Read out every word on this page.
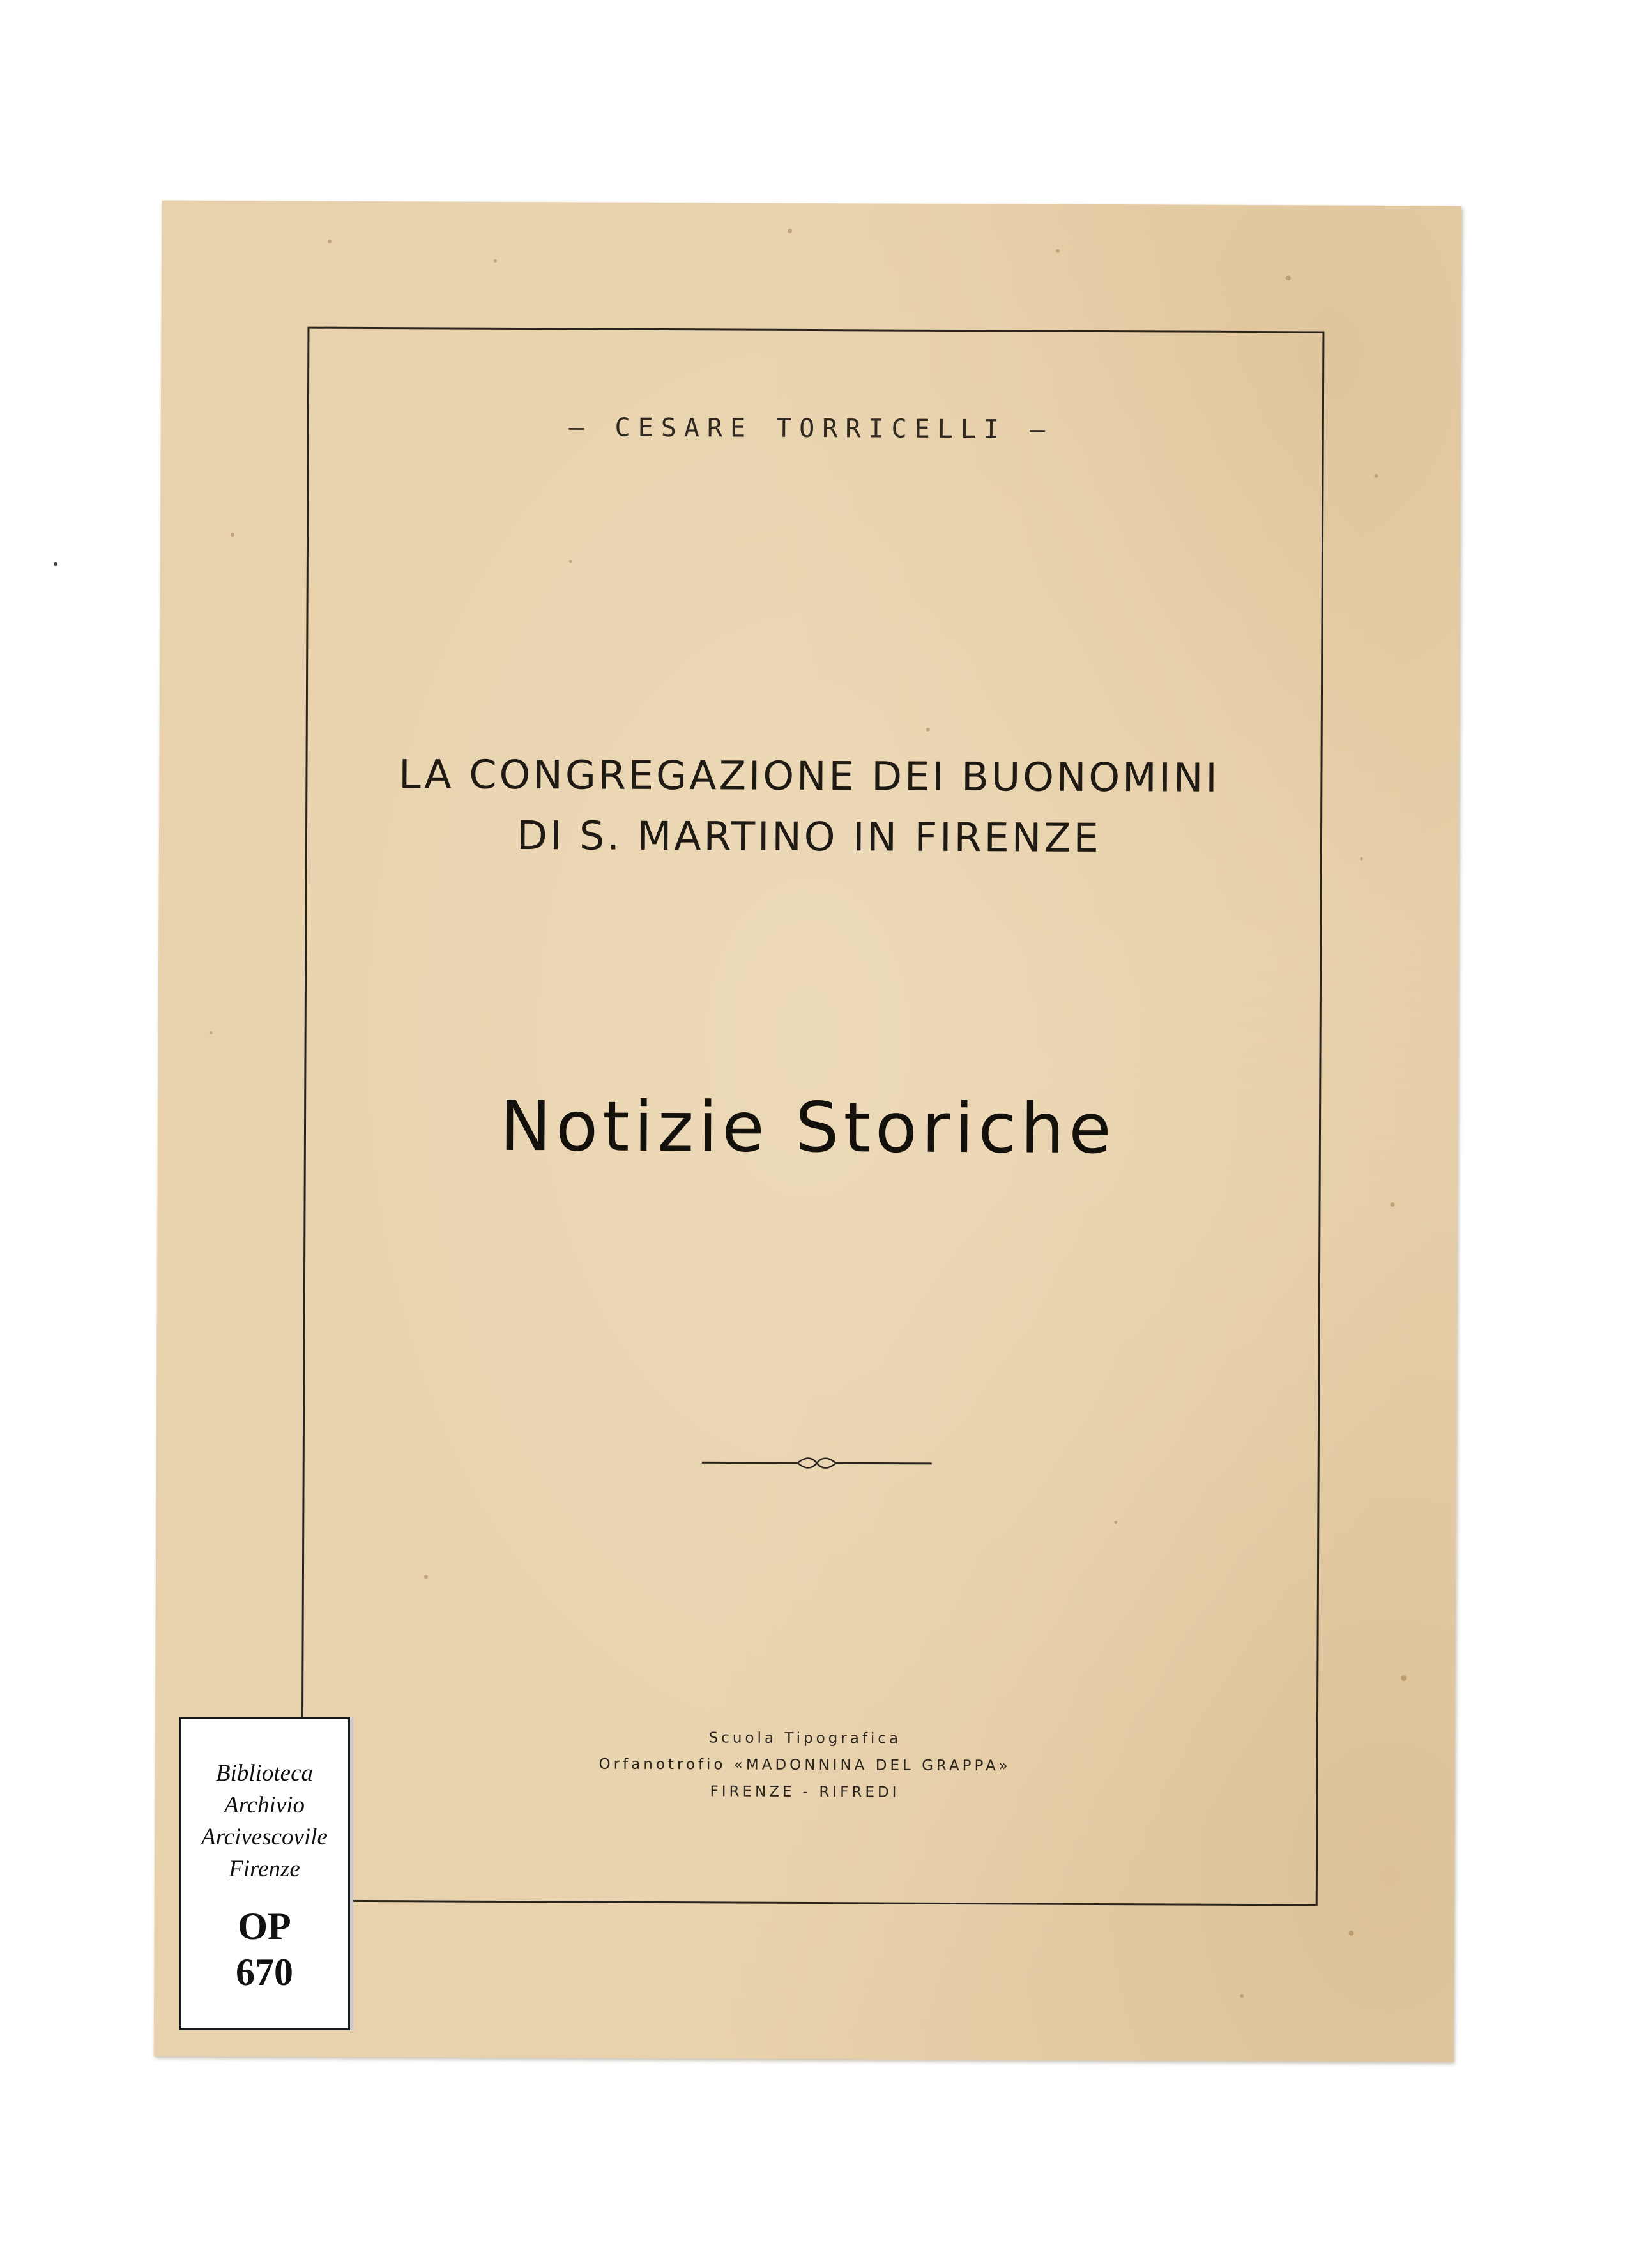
— CESARE TORRICELLI —
LA CONGREGAZIONE DEI BUONOMINI
DI S. MARTINO IN FIRENZE
Notizie Storiche
Scuola Tipografica
Orfanotrofio «MADONNINA DEL GRAPPA»
FIRENZE - RIFREDI
Biblioteca
Archivio
Arcivescovile
Firenze
OP
670
